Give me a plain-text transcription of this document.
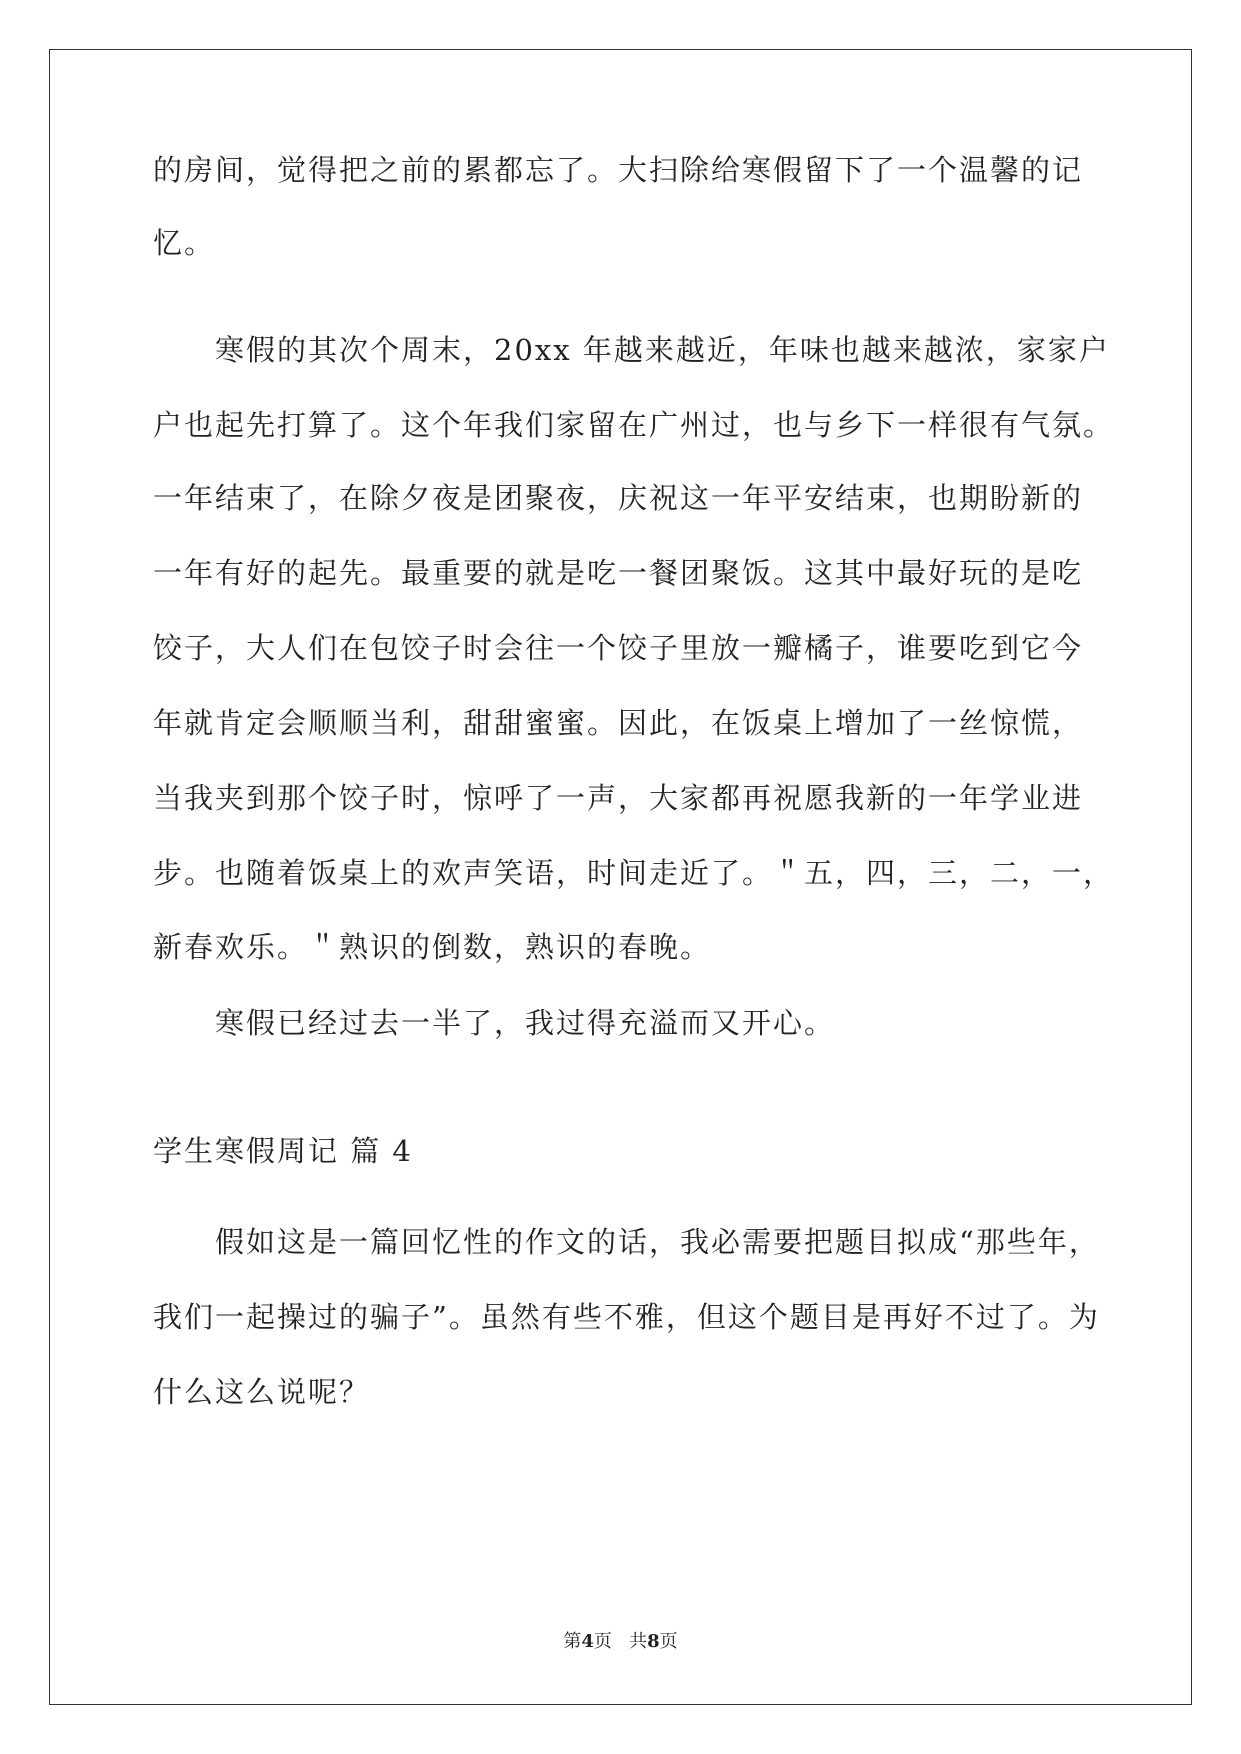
的房间，觉得把之前的累都忘了。大扫除给寒假留下了一个温馨的记
忆。
寒假的其次个周末，20xx 年越来越近，年味也越来越浓，家家户
户也起先打算了。这个年我们家留在广州过，也与乡下一样很有气氛。
一年结束了，在除夕夜是团聚夜，庆祝这一年平安结束，也期盼新的
一年有好的起先。最重要的就是吃一餐团聚饭。这其中最好玩的是吃
饺子，大人们在包饺子时会往一个饺子里放一瓣橘子，谁要吃到它今
年就肯定会顺顺当利，甜甜蜜蜜。因此，在饭桌上增加了一丝惊慌，
当我夹到那个饺子时，惊呼了一声，大家都再祝愿我新的一年学业进
步。也随着饭桌上的欢声笑语，时间走近了。＂五，四，三，二，一，
新春欢乐。＂熟识的倒数，熟识的春晚。
寒假已经过去一半了，我过得充溢而又开心。
学生寒假周记 篇 4
假如这是一篇回忆性的作文的话，我必需要把题目拟成“那些年，
我们一起操过的骗子”。虽然有些不雅，但这个题目是再好不过了。为
什么这么说呢？
第4页   共8页
